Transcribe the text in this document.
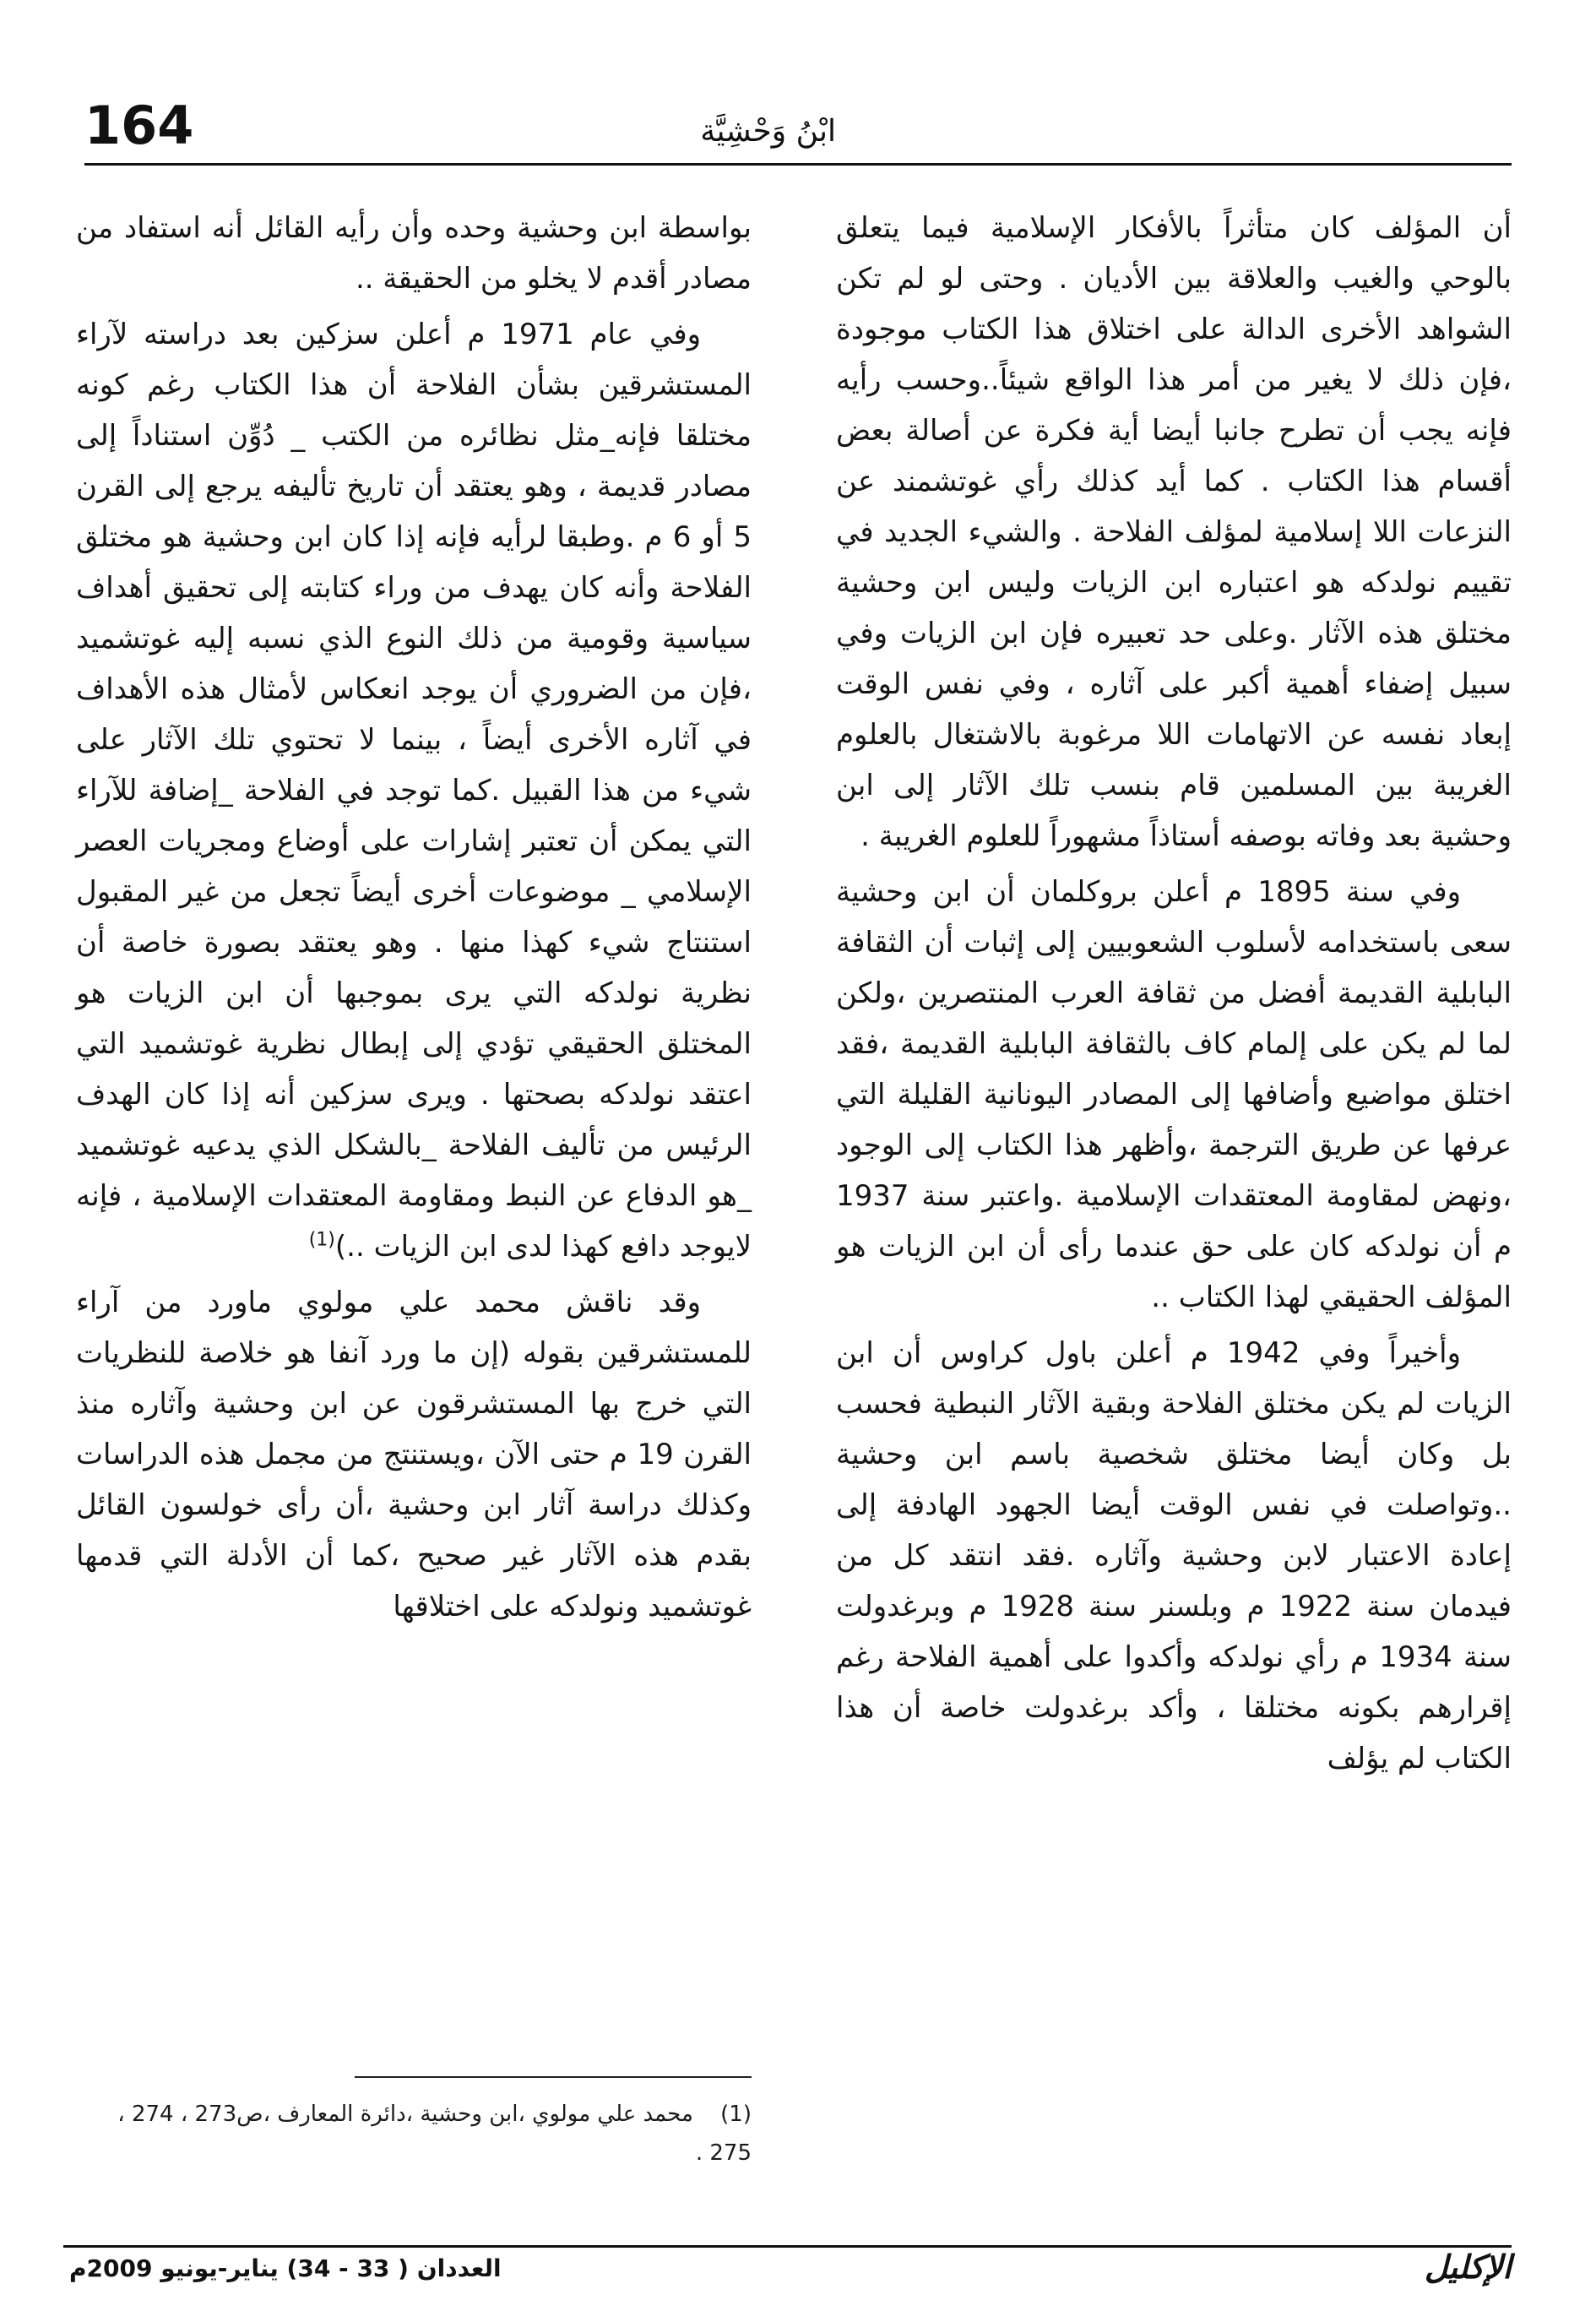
164	ابْنُ وَحْشِيَّة

أن المؤلف كان متأثراً بالأفكار الإسلامية فيما يتعلق بالوحي والغيب والعلاقة بين الأديان . وحتى لو لم تكن الشواهد الأخرى الدالة على اختلاق هذا الكتاب موجودة ،فإن ذلك لا يغير من أمر هذا الواقع شيئاً..وحسب رأيه فإنه يجب أن تطرح جانبا أيضا أية فكرة عن أصالة بعض أقسام هذا الكتاب . كما أيد كذلك رأي غوتشمند عن النزعات اللا إسلامية لمؤلف الفلاحة . والشيء الجديد في تقييم نولدكه هو اعتباره ابن الزيات وليس ابن وحشية مختلق هذه الآثار .وعلى حد تعبيره فإن ابن الزيات وفي سبيل إضفاء أهمية أكبر على آثاره ، وفي نفس الوقت إبعاد نفسه عن الاتهامات اللا مرغوبة بالاشتغال بالعلوم الغريبة بين المسلمين قام بنسب تلك الآثار إلى ابن وحشية بعد وفاته بوصفه أستاذاً مشهوراً للعلوم الغريبة .

وفي سنة 1895 م أعلن بروكلمان أن ابن وحشية سعى باستخدامه لأسلوب الشعوبيين إلى إثبات أن الثقافة البابلية القديمة أفضل من ثقافة العرب المنتصرين ،ولكن لما لم يكن على إلمام كاف بالثقافة البابلية القديمة ،فقد اختلق مواضيع وأضافها إلى المصادر اليونانية القليلة التي عرفها عن طريق الترجمة ،وأظهر هذا الكتاب إلى الوجود ،ونهض لمقاومة المعتقدات الإسلامية .واعتبر سنة 1937 م أن نولدكه كان على حق عندما رأى أن ابن الزيات هو المؤلف الحقيقي لهذا الكتاب ..

وأخيراً وفي 1942 م أعلن باول كراوس أن ابن الزيات لم يكن مختلق الفلاحة وبقية الآثار النبطية فحسب بل وكان أيضا مختلق شخصية باسم ابن وحشية ..وتواصلت في نفس الوقت أيضا الجهود الهادفة إلى إعادة الاعتبار لابن وحشية وآثاره .فقد انتقد كل من فيدمان سنة 1922 م وبلسنر سنة 1928 م وبرغدولت سنة 1934 م رأي نولدكه وأكدوا على أهمية الفلاحة رغم إقرارهم بكونه مختلقا ، وأكد برغدولت خاصة أن هذا الكتاب لم يؤلف

بواسطة ابن وحشية وحده وأن رأيه القائل أنه استفاد من مصادر أقدم لا يخلو من الحقيقة ..

وفي عام 1971 م أعلن سزكين بعد دراسته لآراء المستشرقين بشأن الفلاحة أن هذا الكتاب رغم كونه مختلقا فإنه_مثل نظائره من الكتب _ دُوِّن استناداً إلى مصادر قديمة ، وهو يعتقد أن تاريخ تأليفه يرجع إلى القرن 5 أو 6 م .وطبقا لرأيه فإنه إذا كان ابن وحشية هو مختلق الفلاحة وأنه كان يهدف من وراء كتابته إلى تحقيق أهداف سياسية وقومية من ذلك النوع الذي نسبه إليه غوتشميد ،فإن من الضروري أن يوجد انعكاس لأمثال هذه الأهداف في آثاره الأخرى أيضاً ، بينما لا تحتوي تلك الآثار على شيء من هذا القبيل .كما توجد في الفلاحة _إضافة للآراء التي يمكن أن تعتبر إشارات على أوضاع ومجريات العصر الإسلامي _ موضوعات أخرى أيضاً تجعل من غير المقبول استنتاج شيء كهذا منها . وهو يعتقد بصورة خاصة أن نظرية نولدكه التي يرى بموجبها أن ابن الزيات هو المختلق الحقيقي تؤدي إلى إبطال نظرية غوتشميد التي اعتقد نولدكه بصحتها . ويرى سزكين أنه إذا كان الهدف الرئيس من تأليف الفلاحة _بالشكل الذي يدعيه غوتشميد _هو الدفاع عن النبط ومقاومة المعتقدات الإسلامية ، فإنه لايوجد دافع كهذا لدى ابن الزيات ..)$^{(1)}$

وقد ناقش محمد علي مولوي ماورد من آراء للمستشرقين بقوله (إن ما ورد آنفا هو خلاصة للنظريات التي خرج بها المستشرقون عن ابن وحشية وآثاره منذ القرن 19 م حتى الآن ،ويستنتج من مجمل هذه الدراسات وكذلك دراسة آثار ابن وحشية ،أن رأى خولسون القائل بقدم هذه الآثار غير صحيح ،كما أن الأدلة التي قدمها غوتشميد ونولدكه على اختلاقها

(1) محمد علي مولوي ،ابن وحشية ،دائرة المعارف ،ص273 ، 274 ، 275 .
العددان ( 33 - 34) يناير-يونيو 2009م	الإكليل
